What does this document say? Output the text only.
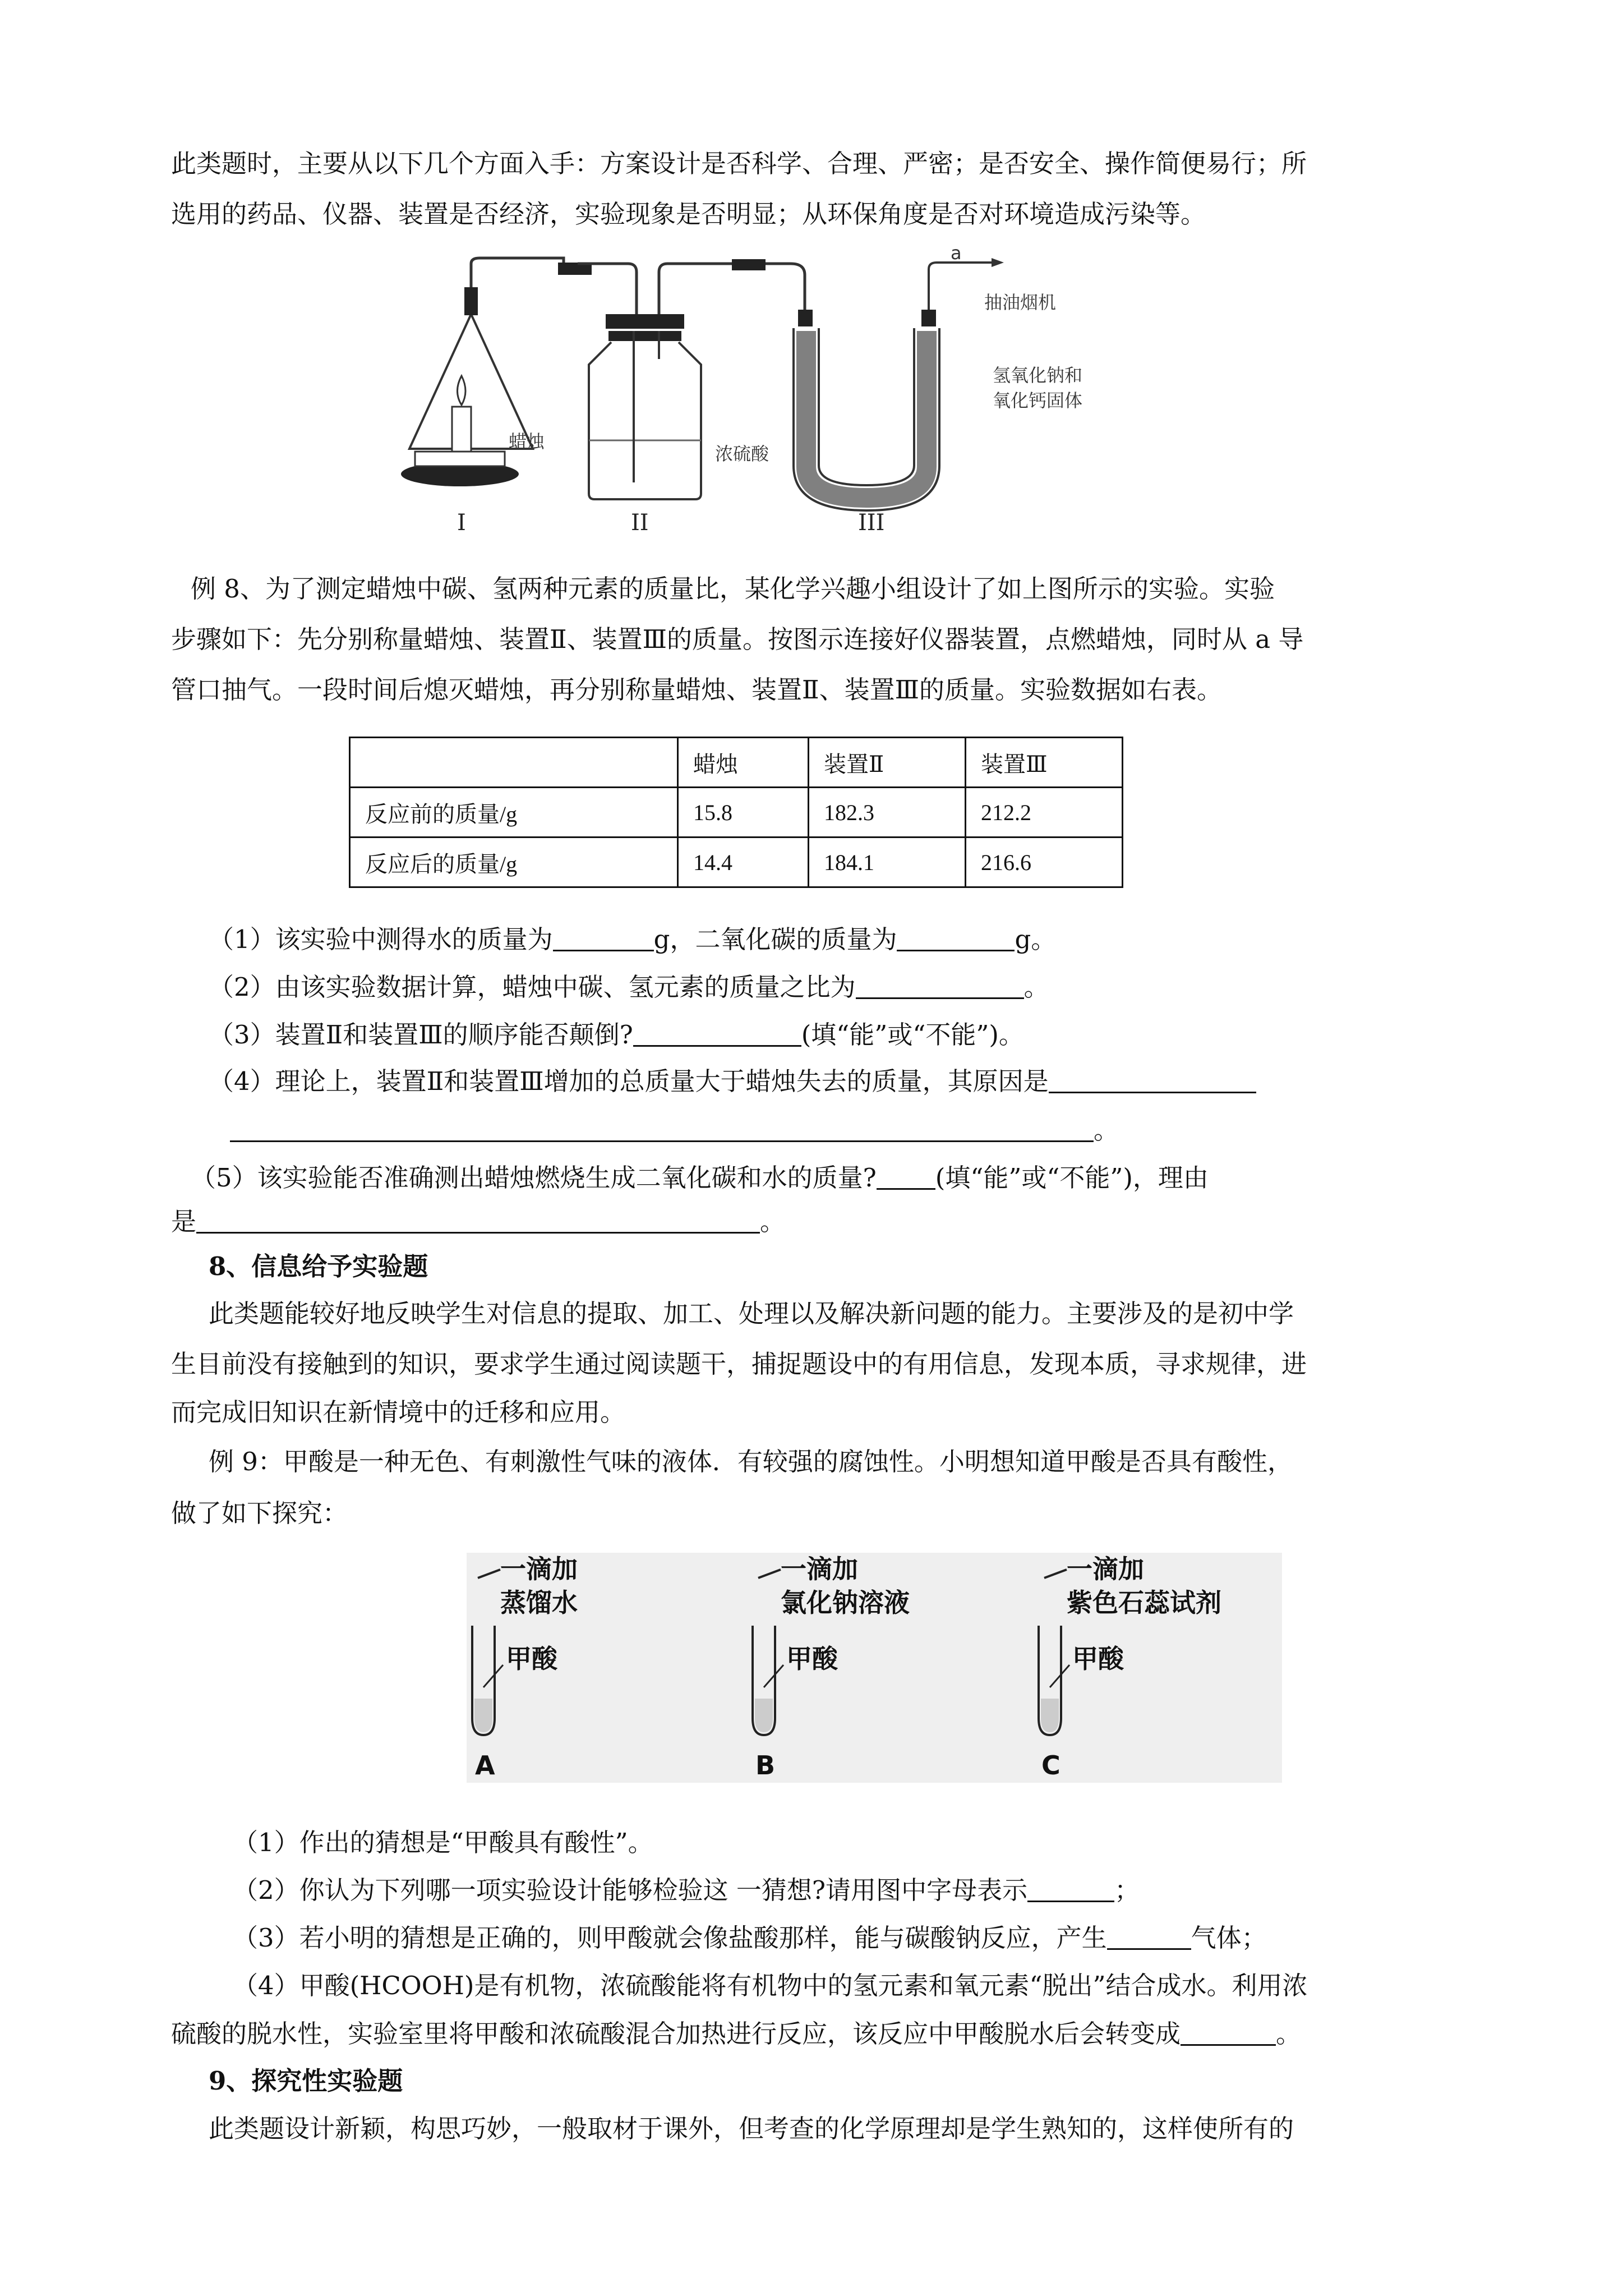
此类题时，主要从以下几个方面入手：方案设计是否科学、合理、严密；是否安全、操作简便易行；所
选用的药品、仪器、装置是否经济，实验现象是否明显；从环保角度是否对环境造成污染等。
蜡烛
浓硫酸
a
抽油烟机
氢氧化钠和
氧化钙固体
I	II	III
例 8、为了测定蜡烛中碳、氢两种元素的质量比，某化学兴趣小组设计了如上图所示的实验。实验
步骤如下：先分别称量蜡烛、装置Ⅱ、装置Ⅲ的质量。按图示连接好仪器装置，点燃蜡烛，同时从 a 导
管口抽气。一段时间后熄灭蜡烛，再分别称量蜡烛、装置Ⅱ、装置Ⅲ的质量。实验数据如右表。
	蜡烛	装置Ⅱ	装置Ⅲ
反应前的质量/g	15.8	182.3	212.2
反应后的质量/g	14.4	184.1	216.6
（1）该实验中测得水的质量为	g，二氧化碳的质量为	g。
（2）由该实验数据计算，蜡烛中碳、氢元素的质量之比为	。
（3）装置Ⅱ和装置Ⅲ的顺序能否颠倒?	(填“能”或“不能”)。
（4）理论上，装置Ⅱ和装置Ⅲ增加的总质量大于蜡烛失去的质量，其原因是
。
（5）该实验能否准确测出蜡烛燃烧生成二氧化碳和水的质量? (填“能”或“不能”)，理由
是	。
8、信息给予实验题
此类题能较好地反映学生对信息的提取、加工、处理以及解决新问题的能力。主要涉及的是初中学
生目前没有接触到的知识，要求学生通过阅读题干，捕捉题设中的有用信息，发现本质，寻求规律，进
而完成旧知识在新情境中的迁移和应用。
例 9：甲酸是一种无色、有刺激性气味的液体．有较强的腐蚀性。小明想知道甲酸是否具有酸性，
做了如下探究：
一滴加
蒸馏水
甲酸
A
一滴加
氯化钠溶液
甲酸
B
一滴加
紫色石蕊试剂
甲酸
C
（1）作出的猜想是“甲酸具有酸性”。
（2）你认为下列哪一项实验设计能够检验这 一猜想?请用图中字母表示	；
（3）若小明的猜想是正确的，则甲酸就会像盐酸那样，能与碳酸钠反应，产生	气体；
（4）甲酸(HCOOH)是有机物，浓硫酸能将有机物中的氢元素和氧元素“脱出”结合成水。利用浓
硫酸的脱水性，实验室里将甲酸和浓硫酸混合加热进行反应，该反应中甲酸脱水后会转变成	。
9、探究性实验题
此类题设计新颖，构思巧妙，一般取材于课外，但考查的化学原理却是学生熟知的，这样使所有的
